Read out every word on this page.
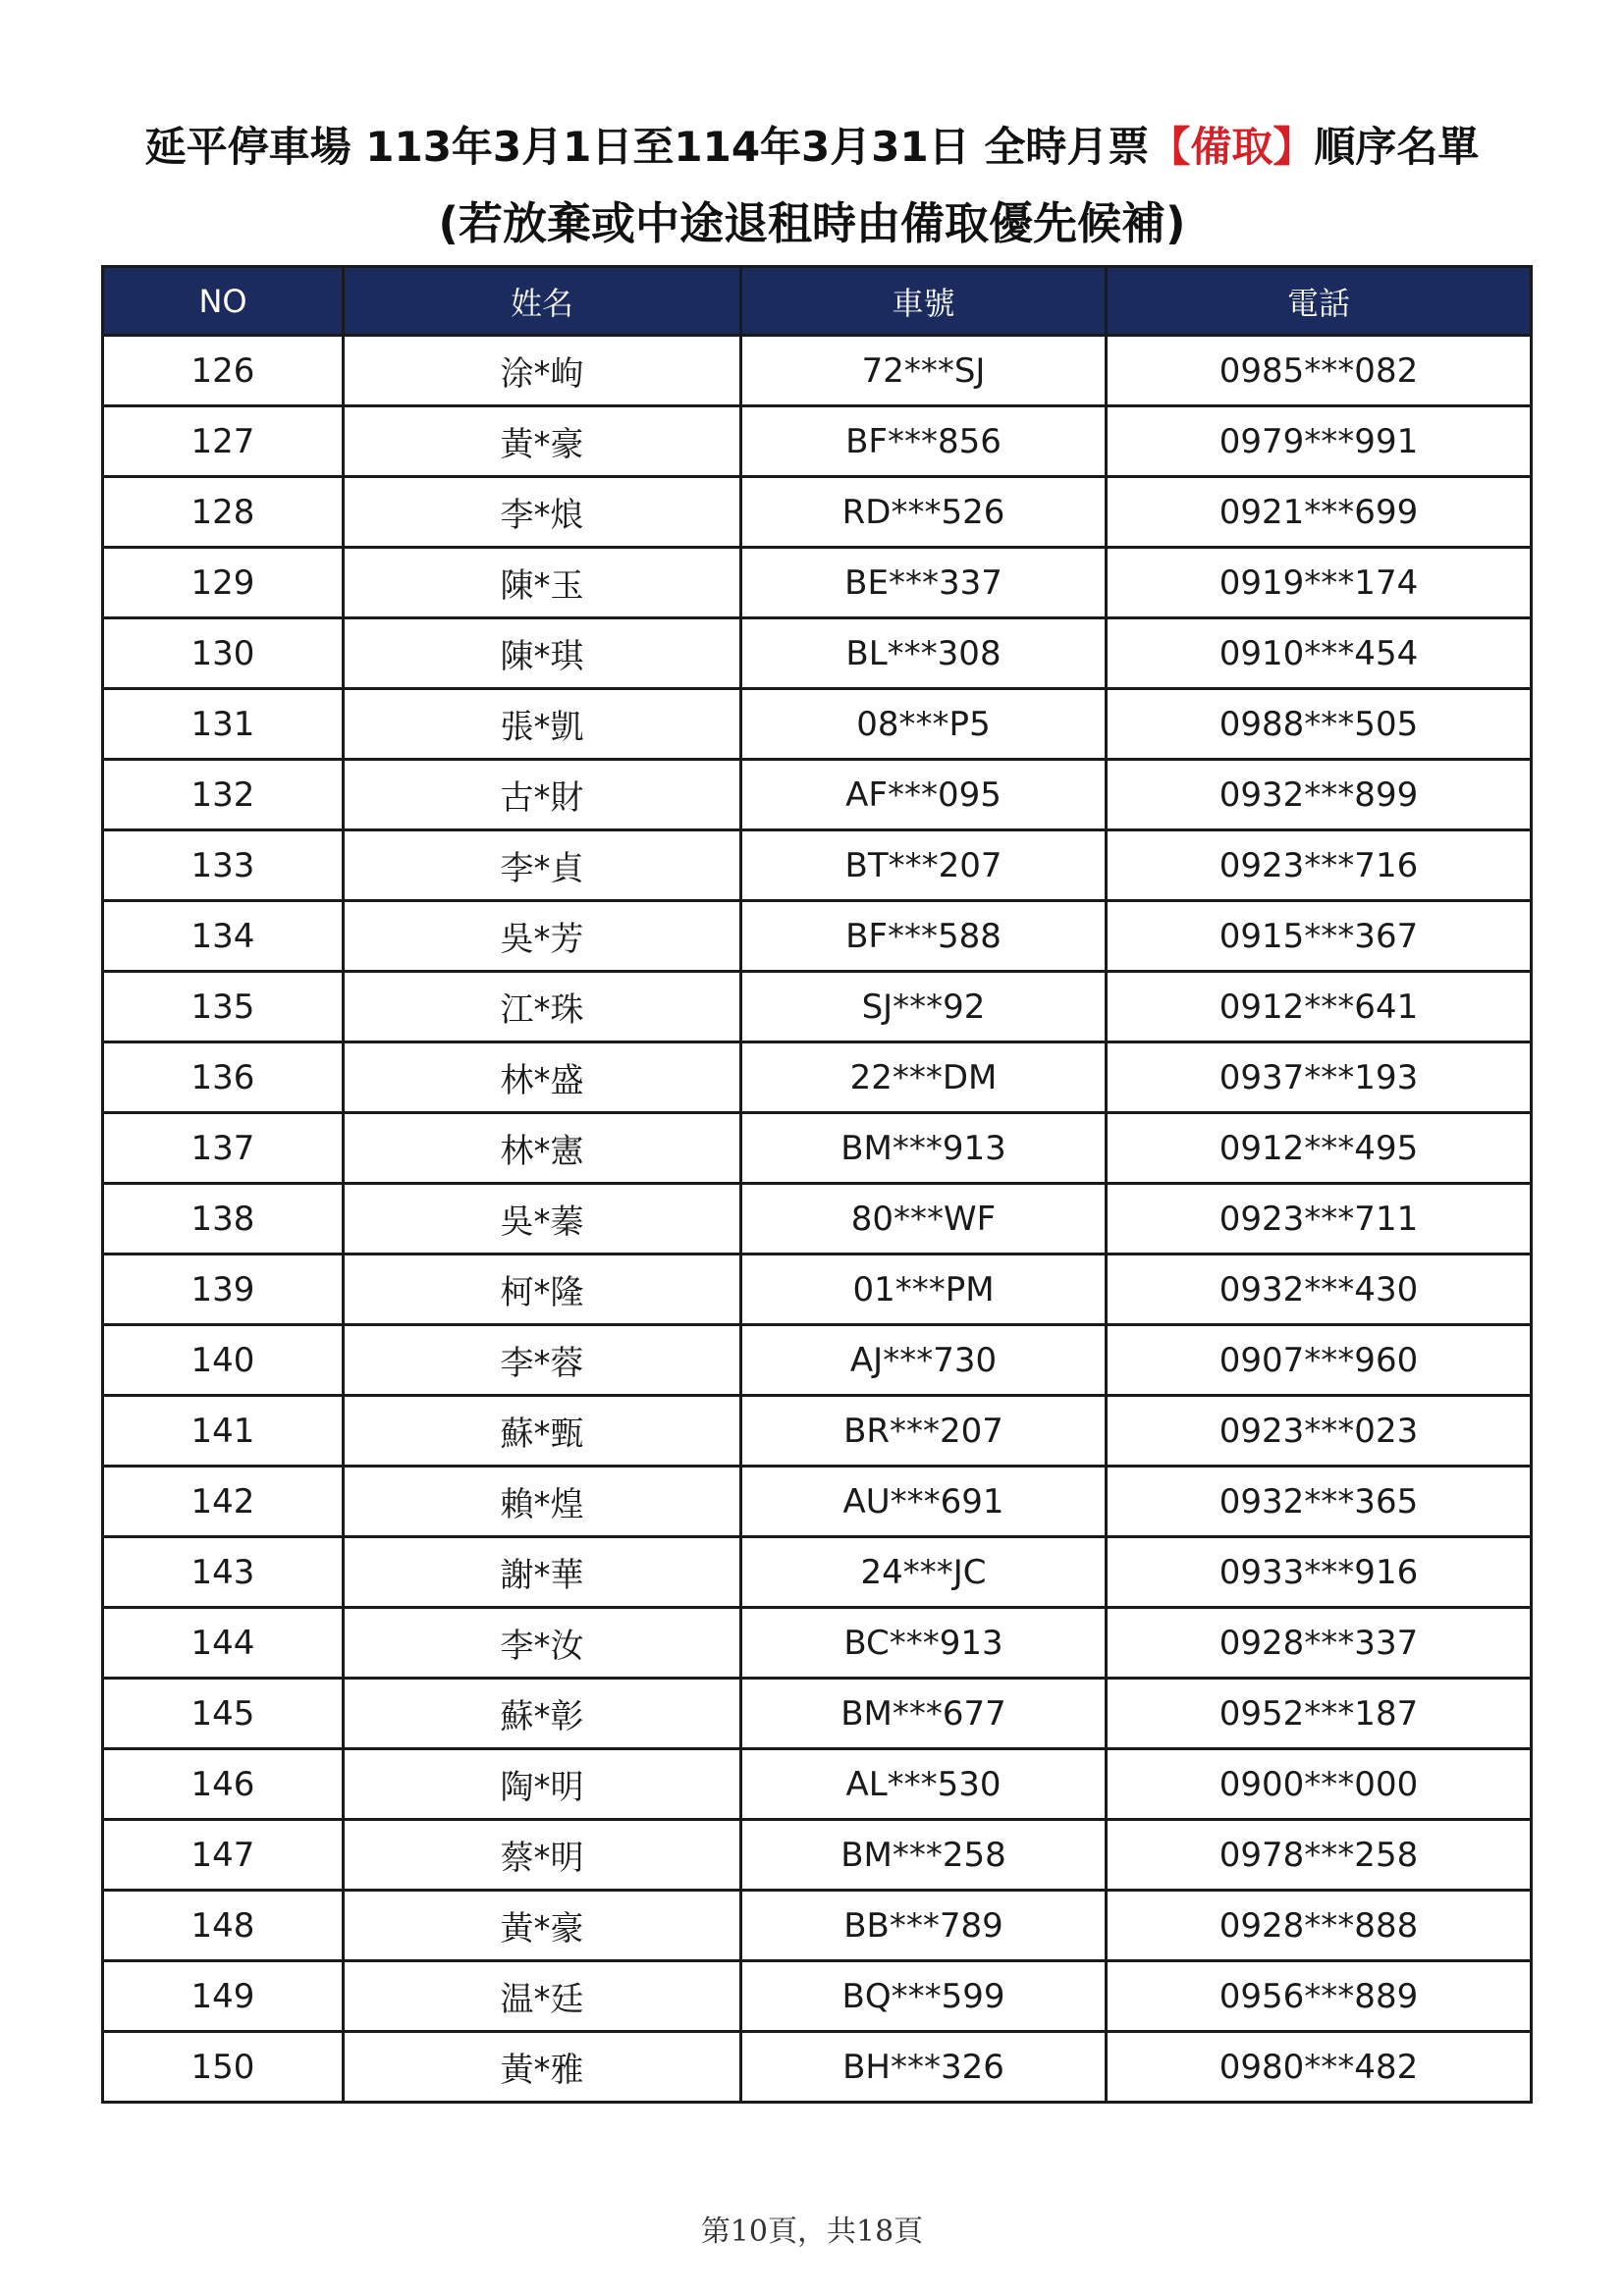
延平停車場 113年3月1日至114年3月31日 全時月票【備取】順序名單
(若放棄或中途退租時由備取優先候補)
NO	姓名	車號	電話
126	涂*岣	72***SJ	0985***082
127	黃*豪	BF***856	0979***991
128	李*烺	RD***526	0921***699
129	陳*玉	BE***337	0919***174
130	陳*琪	BL***308	0910***454
131	張*凱	08***P5	0988***505
132	古*財	AF***095	0932***899
133	李*貞	BT***207	0923***716
134	吳*芳	BF***588	0915***367
135	江*珠	SJ***92	0912***641
136	林*盛	22***DM	0937***193
137	林*憲	BM***913	0912***495
138	吳*蓁	80***WF	0923***711
139	柯*隆	01***PM	0932***430
140	李*蓉	AJ***730	0907***960
141	蘇*甄	BR***207	0923***023
142	賴*煌	AU***691	0932***365
143	謝*華	24***JC	0933***916
144	李*汝	BC***913	0928***337
145	蘇*彰	BM***677	0952***187
146	陶*明	AL***530	0900***000
147	蔡*明	BM***258	0978***258
148	黃*豪	BB***789	0928***888
149	温*廷	BQ***599	0956***889
150	黃*雅	BH***326	0980***482

第10頁，共18頁
